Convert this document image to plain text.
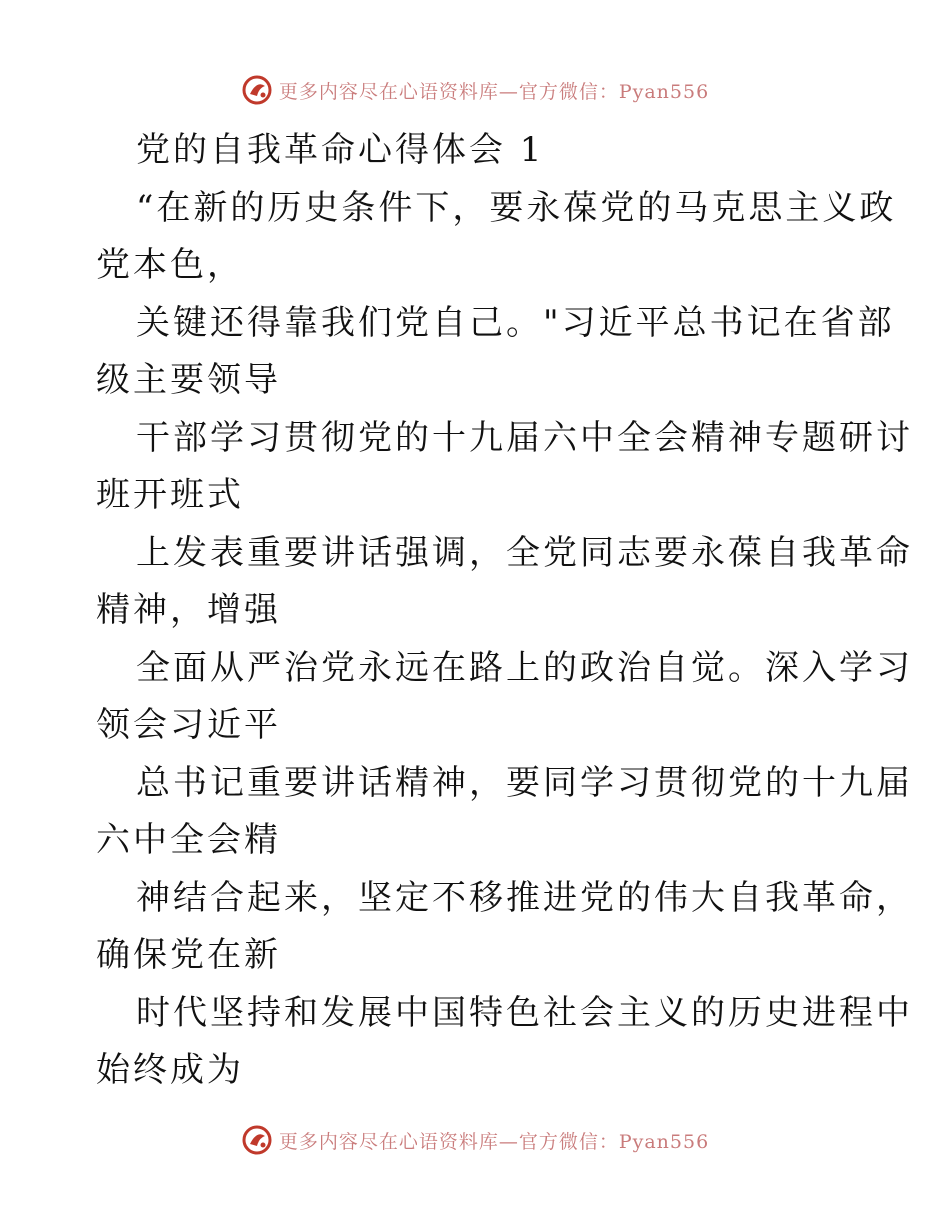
更多内容尽在心语资料库—官方微信：Pyan556
党的自我革命心得体会 1
“在新的历史条件下，要永葆党的马克思主义政
党本色，
关键还得靠我们党自己。"习近平总书记在省部
级主要领导
干部学习贯彻党的十九届六中全会精神专题研讨
班开班式
上发表重要讲话强调，全党同志要永葆自我革命
精神，增强
全面从严治党永远在路上的政治自觉。深入学习
领会习近平
总书记重要讲话精神，要同学习贯彻党的十九届
六中全会精
神结合起来，坚定不移推进党的伟大自我革命，
确保党在新
时代坚持和发展中国特色社会主义的历史进程中
始终成为
更多内容尽在心语资料库—官方微信：Pyan556
